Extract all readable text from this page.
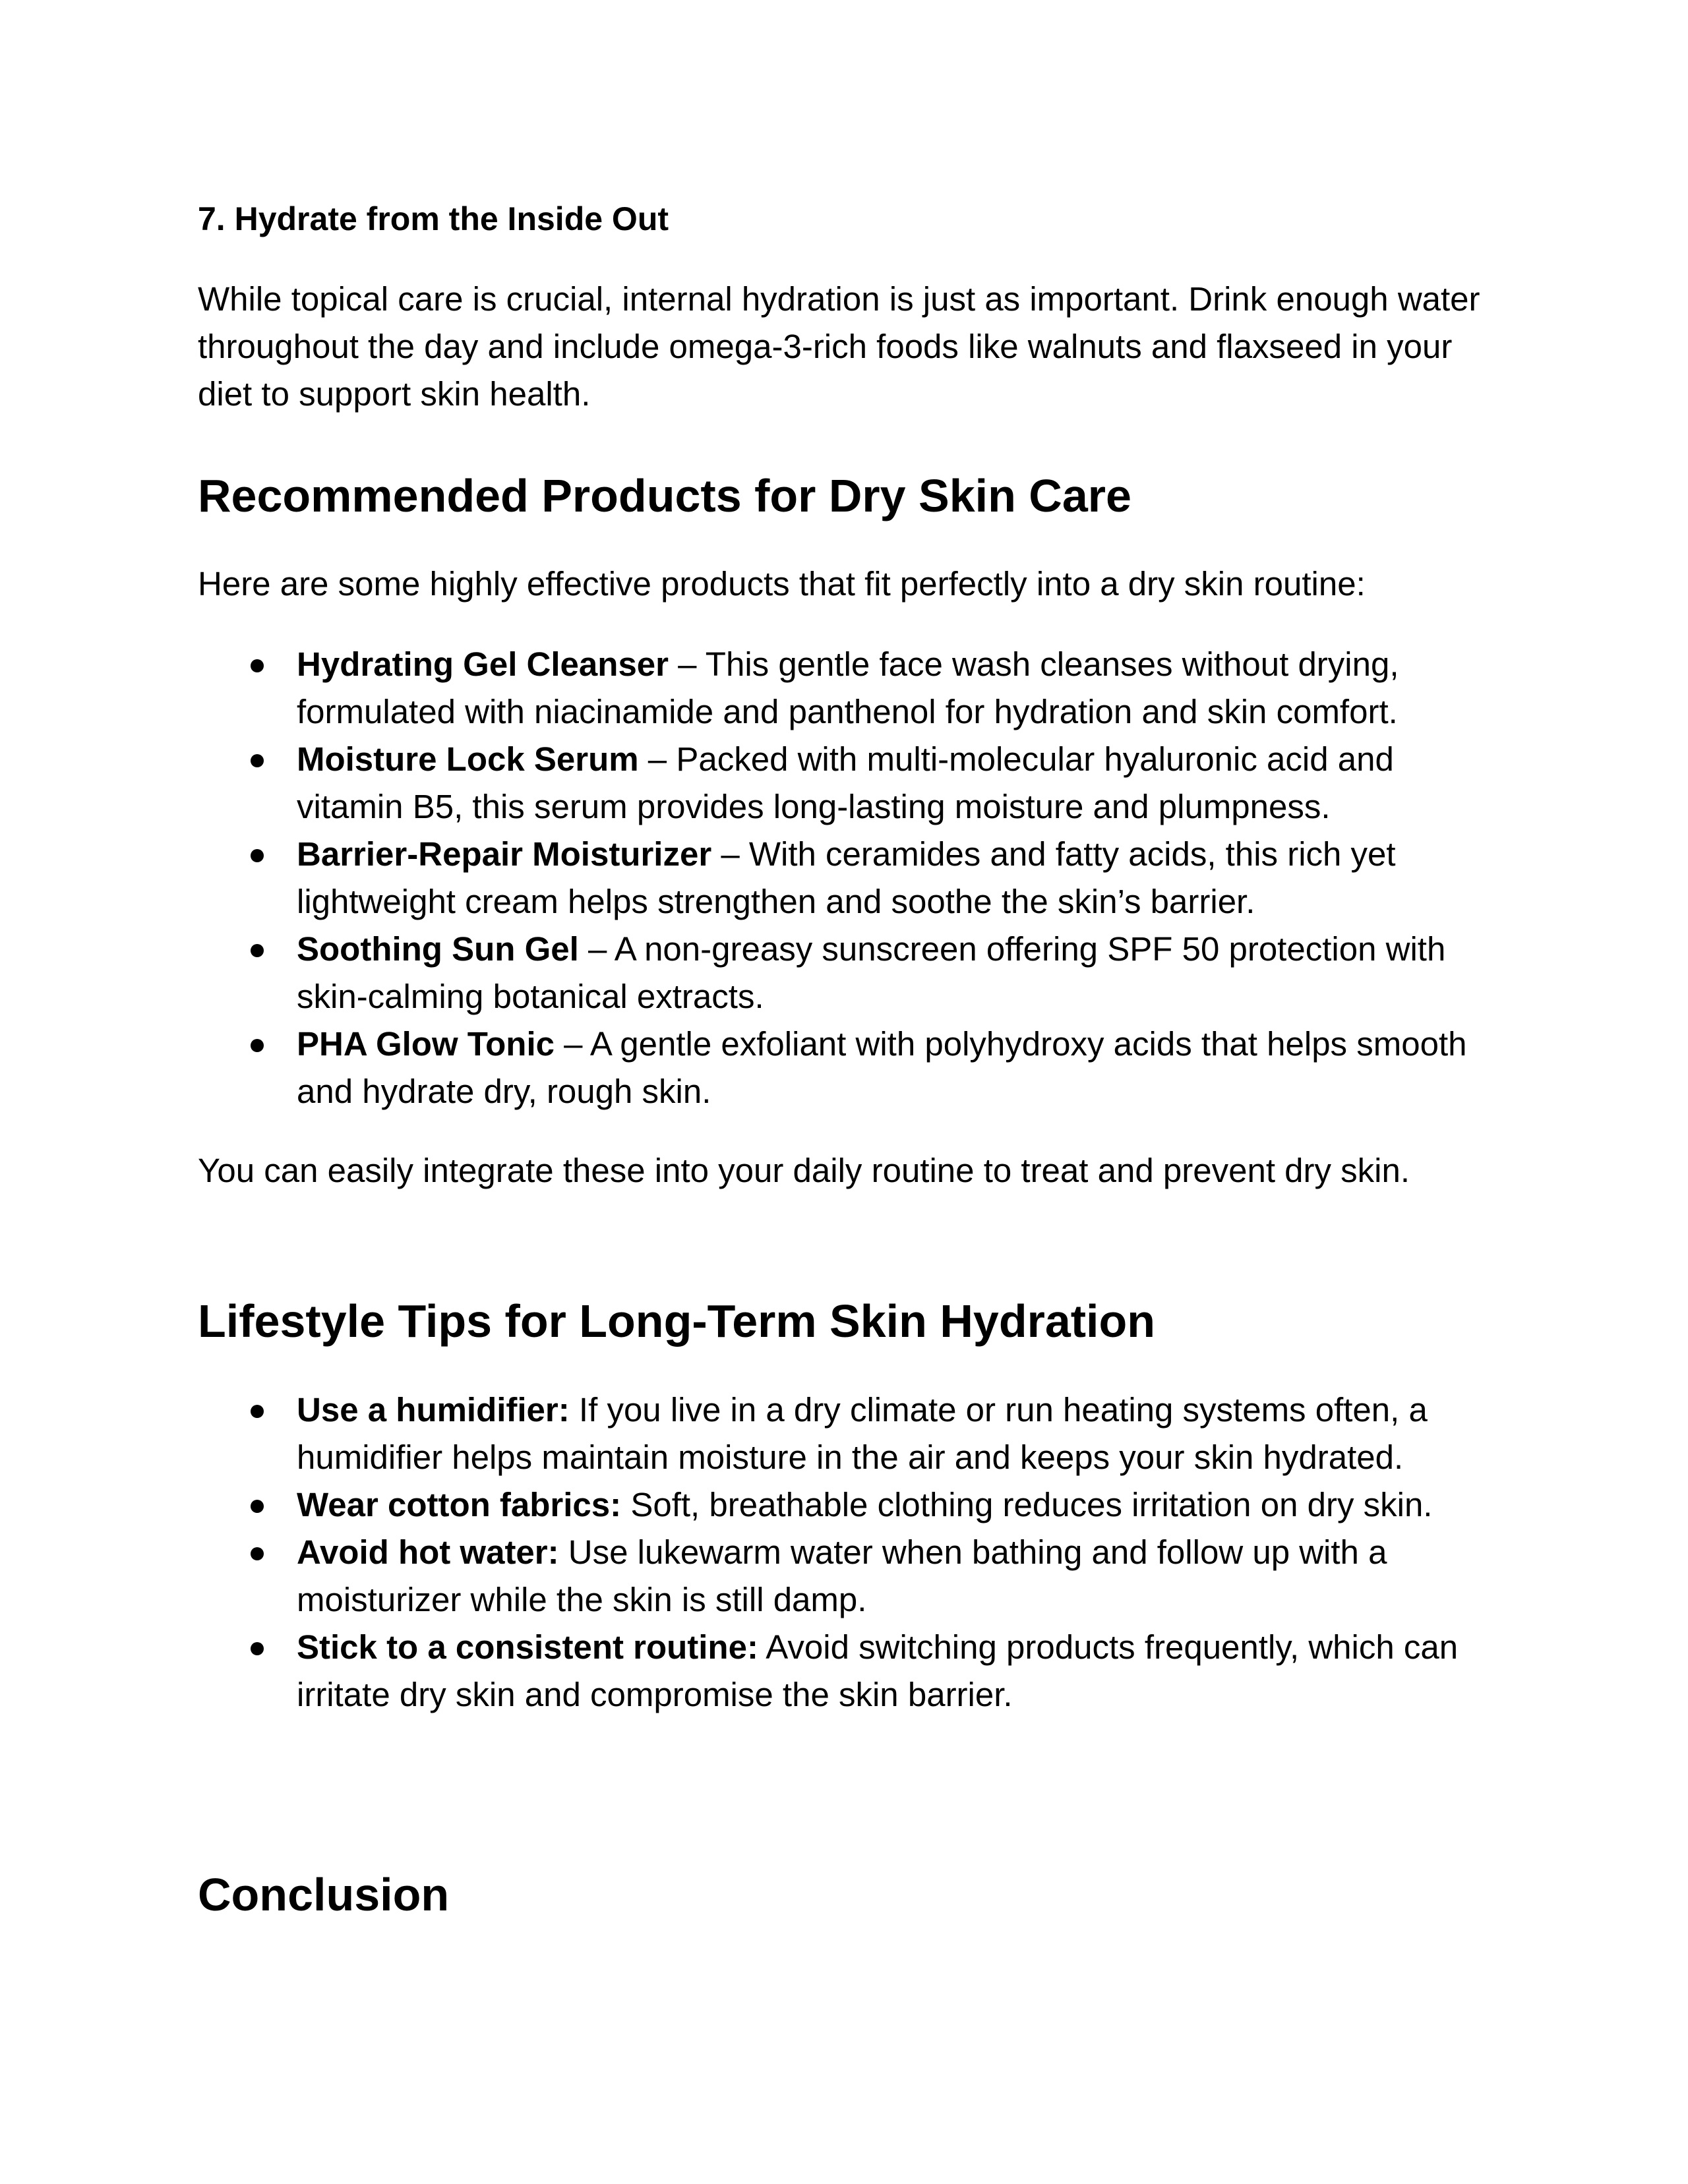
7. Hydrate from the Inside Out

While topical care is crucial, internal hydration is just as important. Drink enough water throughout the day and include omega-3-rich foods like walnuts and flaxseed in your diet to support skin health.

Recommended Products for Dry Skin Care

Here are some highly effective products that fit perfectly into a dry skin routine:

Hydrating Gel Cleanser – This gentle face wash cleanses without drying, formulated with niacinamide and panthenol for hydration and skin comfort.
Moisture Lock Serum – Packed with multi-molecular hyaluronic acid and vitamin B5, this serum provides long-lasting moisture and plumpness.
Barrier-Repair Moisturizer – With ceramides and fatty acids, this rich yet lightweight cream helps strengthen and soothe the skin’s barrier.
Soothing Sun Gel – A non-greasy sunscreen offering SPF 50 protection with skin-calming botanical extracts.
PHA Glow Tonic – A gentle exfoliant with polyhydroxy acids that helps smooth and hydrate dry, rough skin.

You can easily integrate these into your daily routine to treat and prevent dry skin.

Lifestyle Tips for Long-Term Skin Hydration
Use a humidifier: If you live in a dry climate or run heating systems often, a humidifier helps maintain moisture in the air and keeps your skin hydrated.
Wear cotton fabrics: Soft, breathable clothing reduces irritation on dry skin.
Avoid hot water: Use lukewarm water when bathing and follow up with a moisturizer while the skin is still damp.
Stick to a consistent routine: Avoid switching products frequently, which can irritate dry skin and compromise the skin barrier.
Conclusion
